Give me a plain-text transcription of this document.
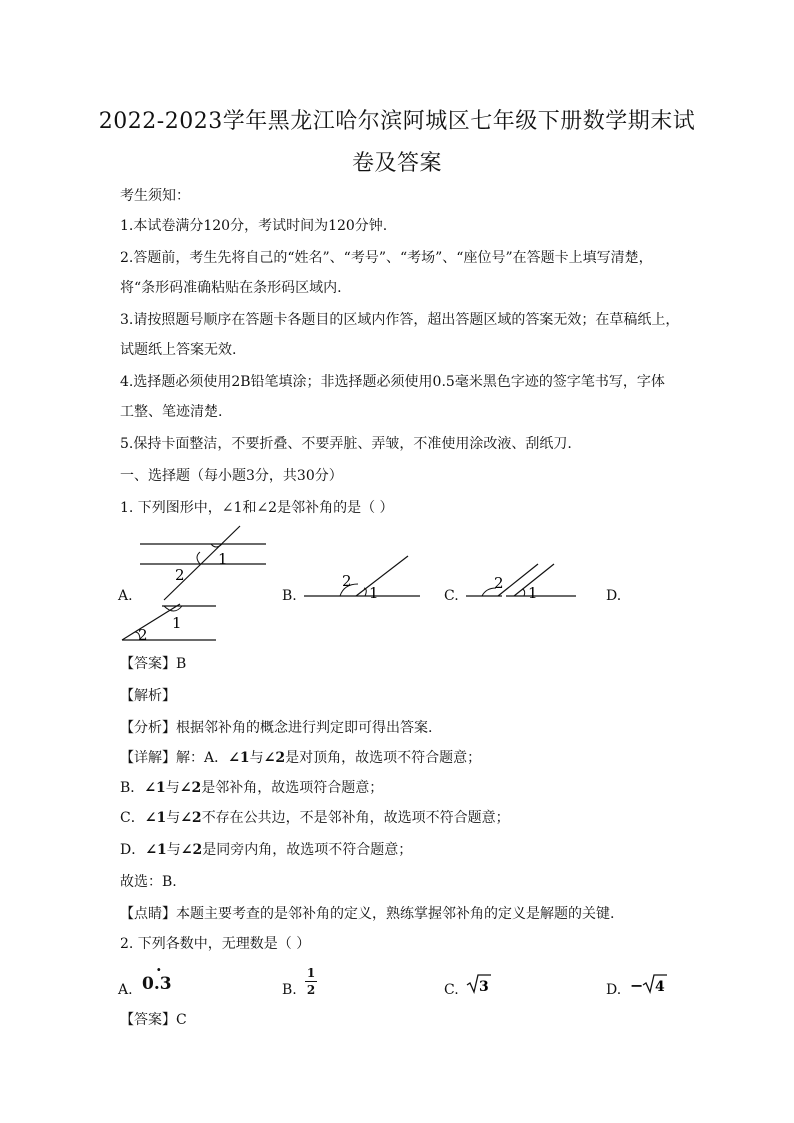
2022-2023学年黑龙江哈尔滨阿城区七年级下册数学期末试
卷及答案
考生须知：
1.本试卷满分120分，考试时间为120分钟.
2.答题前，考生先将自己的“姓名”、“考号”、“考场”、“座位号”在答题卡上填写清楚，
将“条形码准确粘贴在条形码区域内.
3.请按照题号顺序在答题卡各题目的区域内作答，超出答题区域的答案无效；在草稿纸上，
试题纸上答案无效.
4.选择题必须使用2B铅笔填涂；非选择题必须使用0.5毫米黑色字迹的签字笔书写，字体
工整、笔迹清楚.
5.保持卡面整洁，不要折叠、不要弄脏、弄皱，不准使用涂改液、刮纸刀.
一、选择题（每小题3分，共30分）
1. 下列图形中，∠1和∠2是邻补角的是（ ）
1
2
1
2
1
2
1
2
A.	B.	C.	D.
【答案】B
【解析】
【分析】根据邻补角的概念进行判定即可得出答案.
【详解】解：A．∠1与∠2是对顶角，故选项不符合题意；
B．∠1与∠2是邻补角，故选项符合题意；
C．∠1与∠2不存在公共边，不是邻补角，故选项不符合题意；
D．∠1与∠2是同旁内角，故选项不符合题意；
故选：B.
【点睛】本题主要考查的是邻补角的定义，熟练掌握邻补角的定义是解题的关键.
2. 下列各数中，无理数是（ ）
A. 0.3
·
B.
1
2	C. 3	D. − 4
【答案】C
